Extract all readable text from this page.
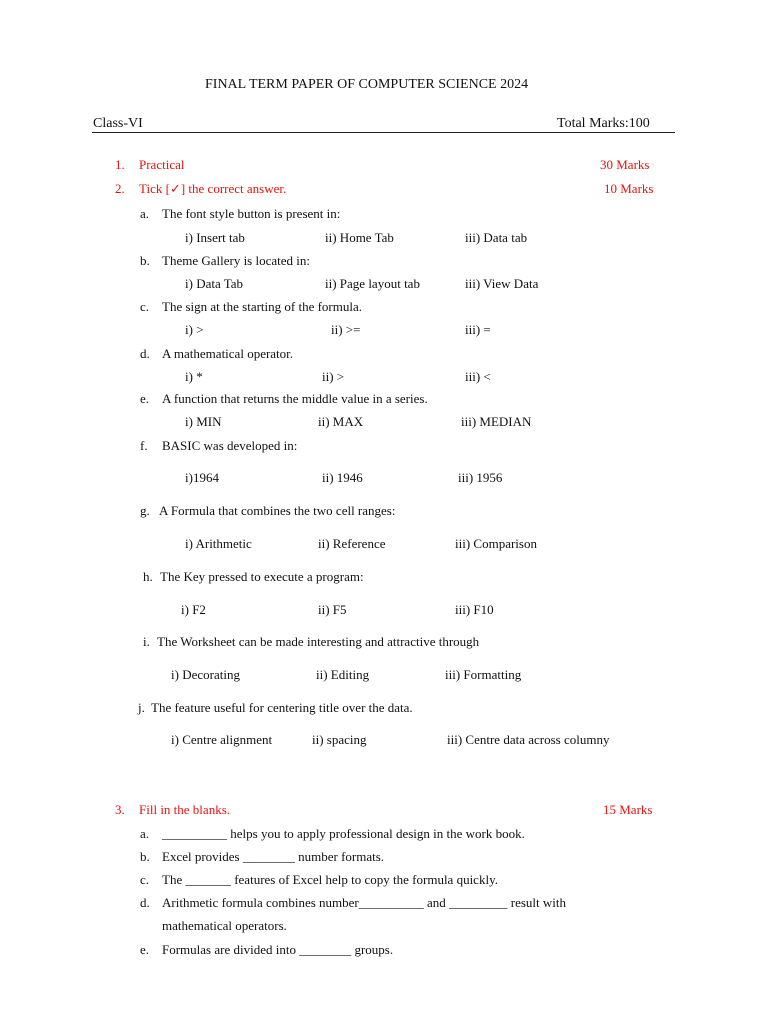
FINAL TERM PAPER OF COMPUTER SCIENCE 2024
Class-VI	Total Marks:100
1. Practical	30 Marks
2. Tick [✓] the correct answer.	10 Marks
a. The font style button is present in:
i) Insert tab	ii) Home Tab	iii) Data tab
b. Theme Gallery is located in:
i) Data Tab	ii) Page layout tab	iii) View Data
c. The sign at the starting of the formula.
i) >	ii) >=	iii) =
d. A mathematical operator.
i) *	ii) >	iii) <
e. A function that returns the middle value in a series.
i) MIN	ii) MAX	iii) MEDIAN
f. BASIC was developed in:
i)1964	ii) 1946	iii) 1956
g. A Formula that combines the two cell ranges:
i) Arithmetic	ii) Reference	iii) Comparison
h. The Key pressed to execute a program:
i) F2	ii) F5	iii) F10
i. The Worksheet can be made interesting and attractive through
i) Decorating	ii) Editing	iii) Formatting
j. The feature useful for centering title over the data.
i) Centre alignment	ii) spacing	iii) Centre data across columny
3. Fill in the blanks.	15 Marks
a. __________ helps you to apply professional design in the work book.
b. Excel provides ________ number formats.
c. The _______ features of Excel help to copy the formula quickly.
d. Arithmetic formula combines number__________ and _________ result with
mathematical operators.
e. Formulas are divided into ________ groups.
